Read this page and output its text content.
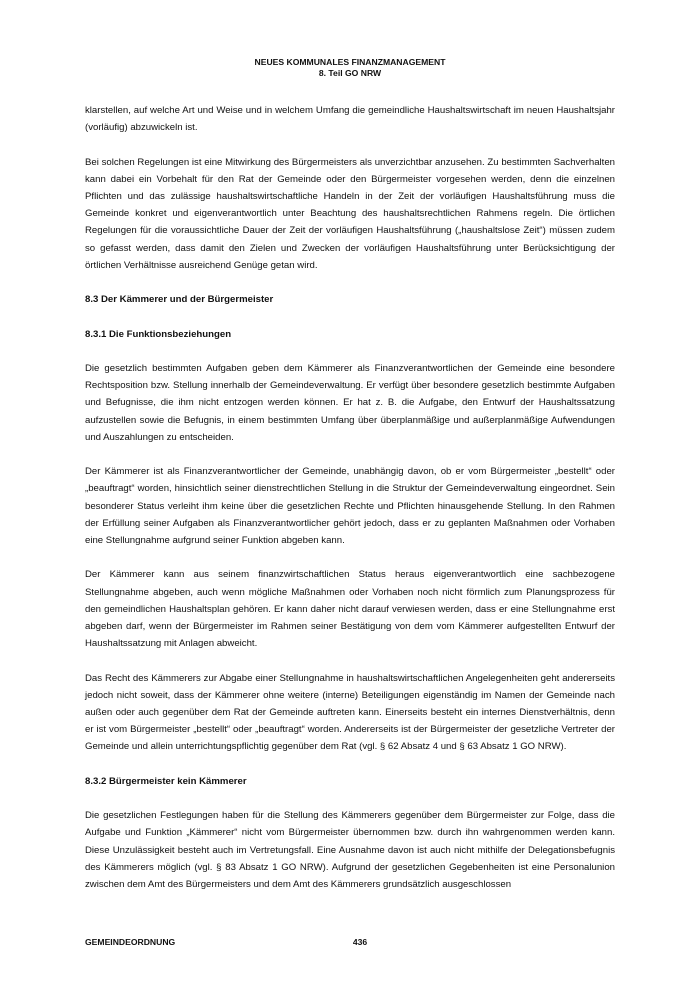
NEUES KOMMUNALES FINANZMANAGEMENT
8. Teil GO NRW

klarstellen, auf welche Art und Weise und in welchem Umfang die gemeindliche Haushaltswirtschaft im neuen Haushaltsjahr (vorläufig) abzuwickeln ist.

Bei solchen Regelungen ist eine Mitwirkung des Bürgermeisters als unverzichtbar anzusehen. Zu bestimmten Sachverhalten kann dabei ein Vorbehalt für den Rat der Gemeinde oder den Bürgermeister vorgesehen werden, denn die einzelnen Pflichten und das zulässige haushaltswirtschaftliche Handeln in der Zeit der vorläufigen Haushaltsführung muss die Gemeinde konkret und eigenverantwortlich unter Beachtung des haushaltsrechtlichen Rahmens regeln. Die örtlichen Regelungen für die voraussichtliche Dauer der Zeit der vorläufigen Haushaltsführung („haushaltslose Zeit“) müssen zudem so gefasst werden, dass damit den Zielen und Zwecken der vorläufigen Haushaltsführung unter Berücksichtigung der örtlichen Verhältnisse ausreichend Genüge getan wird.

8.3 Der Kämmerer und der Bürgermeister
8.3.1 Die Funktionsbeziehungen

Die gesetzlich bestimmten Aufgaben geben dem Kämmerer als Finanzverantwortlichen der Gemeinde eine besondere Rechtsposition bzw. Stellung innerhalb der Gemeindeverwaltung. Er verfügt über besondere gesetzlich bestimmte Aufgaben und Befugnisse, die ihm nicht entzogen werden können. Er hat z. B. die Aufgabe, den Entwurf der Haushaltssatzung aufzustellen sowie die Befugnis, in einem bestimmten Umfang über überplanmäßige und außerplanmäßige Aufwendungen und Auszahlungen zu entscheiden.

Der Kämmerer ist als Finanzverantwortlicher der Gemeinde, unabhängig davon, ob er vom Bürgermeister „bestellt“ oder „beauftragt“ worden, hinsichtlich seiner dienstrechtlichen Stellung in die Struktur der Gemeindeverwaltung eingeordnet. Sein besonderer Status verleiht ihm keine über die gesetzlichen Rechte und Pflichten hinausgehende Stellung. In den Rahmen der Erfüllung seiner Aufgaben als Finanzverantwortlicher gehört jedoch, dass er zu geplanten Maßnahmen oder Vorhaben eine Stellungnahme aufgrund seiner Funktion abgeben kann.

Der Kämmerer kann aus seinem finanzwirtschaftlichen Status heraus eigenverantwortlich eine sachbezogene Stellungnahme abgeben, auch wenn mögliche Maßnahmen oder Vorhaben noch nicht förmlich zum Planungsprozess für den gemeindlichen Haushaltsplan gehören. Er kann daher nicht darauf verwiesen werden, dass er eine Stellungnahme erst abgeben darf, wenn der Bürgermeister im Rahmen seiner Bestätigung von dem vom Kämmerer aufgestellten Entwurf der Haushaltssatzung mit Anlagen abweicht.

Das Recht des Kämmerers zur Abgabe einer Stellungnahme in haushaltswirtschaftlichen Angelegenheiten geht andererseits jedoch nicht soweit, dass der Kämmerer ohne weitere (interne) Beteiligungen eigenständig im Namen der Gemeinde nach außen oder auch gegenüber dem Rat der Gemeinde auftreten kann. Einerseits besteht ein internes Dienstverhältnis, denn er ist vom Bürgermeister „bestellt“ oder „beauftragt“ worden. Andererseits ist der Bürgermeister der gesetzliche Vertreter der Gemeinde und allein unterrichtungspflichtig gegenüber dem Rat (vgl. § 62 Absatz 4 und § 63 Absatz 1 GO NRW).

8.3.2 Bürgermeister kein Kämmerer

Die gesetzlichen Festlegungen haben für die Stellung des Kämmerers gegenüber dem Bürgermeister zur Folge, dass die Aufgabe und Funktion „Kämmerer“ nicht vom Bürgermeister übernommen bzw. durch ihn wahrgenommen werden kann. Diese Unzulässigkeit besteht auch im Vertretungsfall. Eine Ausnahme davon ist auch nicht mithilfe der Delegationsbefugnis des Kämmerers möglich (vgl. § 83 Absatz 1 GO NRW). Aufgrund der gesetzlichen Gegebenheiten ist eine Personalunion zwischen dem Amt des Bürgermeisters und dem Amt des Kämmerers grundsätzlich ausgeschlossen

GEMEINDEORDNUNG	436
